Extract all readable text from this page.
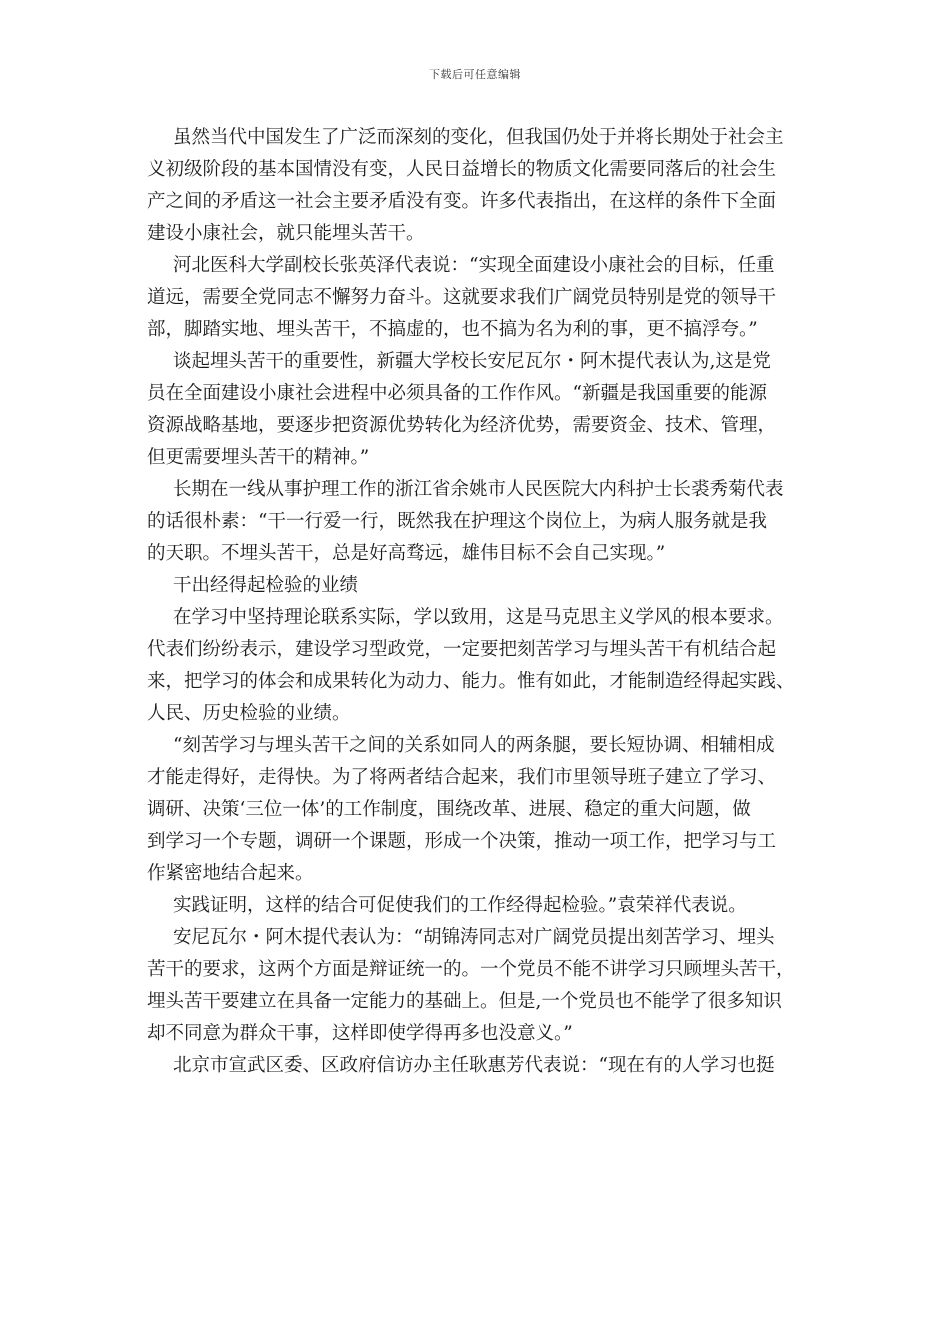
下载后可任意编辑
虽然当代中国发生了广泛而深刻的变化，但我国仍处于并将长期处于社会主
义初级阶段的基本国情没有变，人民日益增长的物质文化需要同落后的社会生
产之间的矛盾这一社会主要矛盾没有变。许多代表指出，在这样的条件下全面
建设小康社会，就只能埋头苦干。
河北医科大学副校长张英泽代表说：“实现全面建设小康社会的目标，任重
道远，需要全党同志不懈努力奋斗。这就要求我们广阔党员特别是党的领导干
部，脚踏实地、埋头苦干，不搞虚的，也不搞为名为利的事，更不搞浮夸。”
谈起埋头苦干的重要性，新疆大学校长安尼瓦尔・阿木提代表认为,这是党
员在全面建设小康社会进程中必须具备的工作作风。“新疆是我国重要的能源
资源战略基地，要逐步把资源优势转化为经济优势，需要资金、技术、管理，
但更需要埋头苦干的精神。”
长期在一线从事护理工作的浙江省余姚市人民医院大内科护士长裘秀菊代表
的话很朴素：“干一行爱一行，既然我在护理这个岗位上，为病人服务就是我
的天职。不埋头苦干，总是好高骛远，雄伟目标不会自己实现。”
干出经得起检验的业绩
在学习中坚持理论联系实际，学以致用，这是马克思主义学风的根本要求。
代表们纷纷表示，建设学习型政党，一定要把刻苦学习与埋头苦干有机结合起
来，把学习的体会和成果转化为动力、能力。惟有如此，才能制造经得起实践、
人民、历史检验的业绩。
“刻苦学习与埋头苦干之间的关系如同人的两条腿，要长短协调、相辅相成
才能走得好，走得快。为了将两者结合起来，我们市里领导班子建立了学习、
调研、决策‘三位一体’的工作制度，围绕改革、进展、稳定的重大问题，做
到学习一个专题，调研一个课题，形成一个决策，推动一项工作，把学习与工
作紧密地结合起来。
实践证明，这样的结合可促使我们的工作经得起检验。”袁荣祥代表说。
安尼瓦尔・阿木提代表认为：“胡锦涛同志对广阔党员提出刻苦学习、埋头
苦干的要求，这两个方面是辩证统一的。一个党员不能不讲学习只顾埋头苦干，
埋头苦干要建立在具备一定能力的基础上。但是,一个党员也不能学了很多知识
却不同意为群众干事，这样即使学得再多也没意义。”
北京市宣武区委、区政府信访办主任耿惠芳代表说：“现在有的人学习也挺
